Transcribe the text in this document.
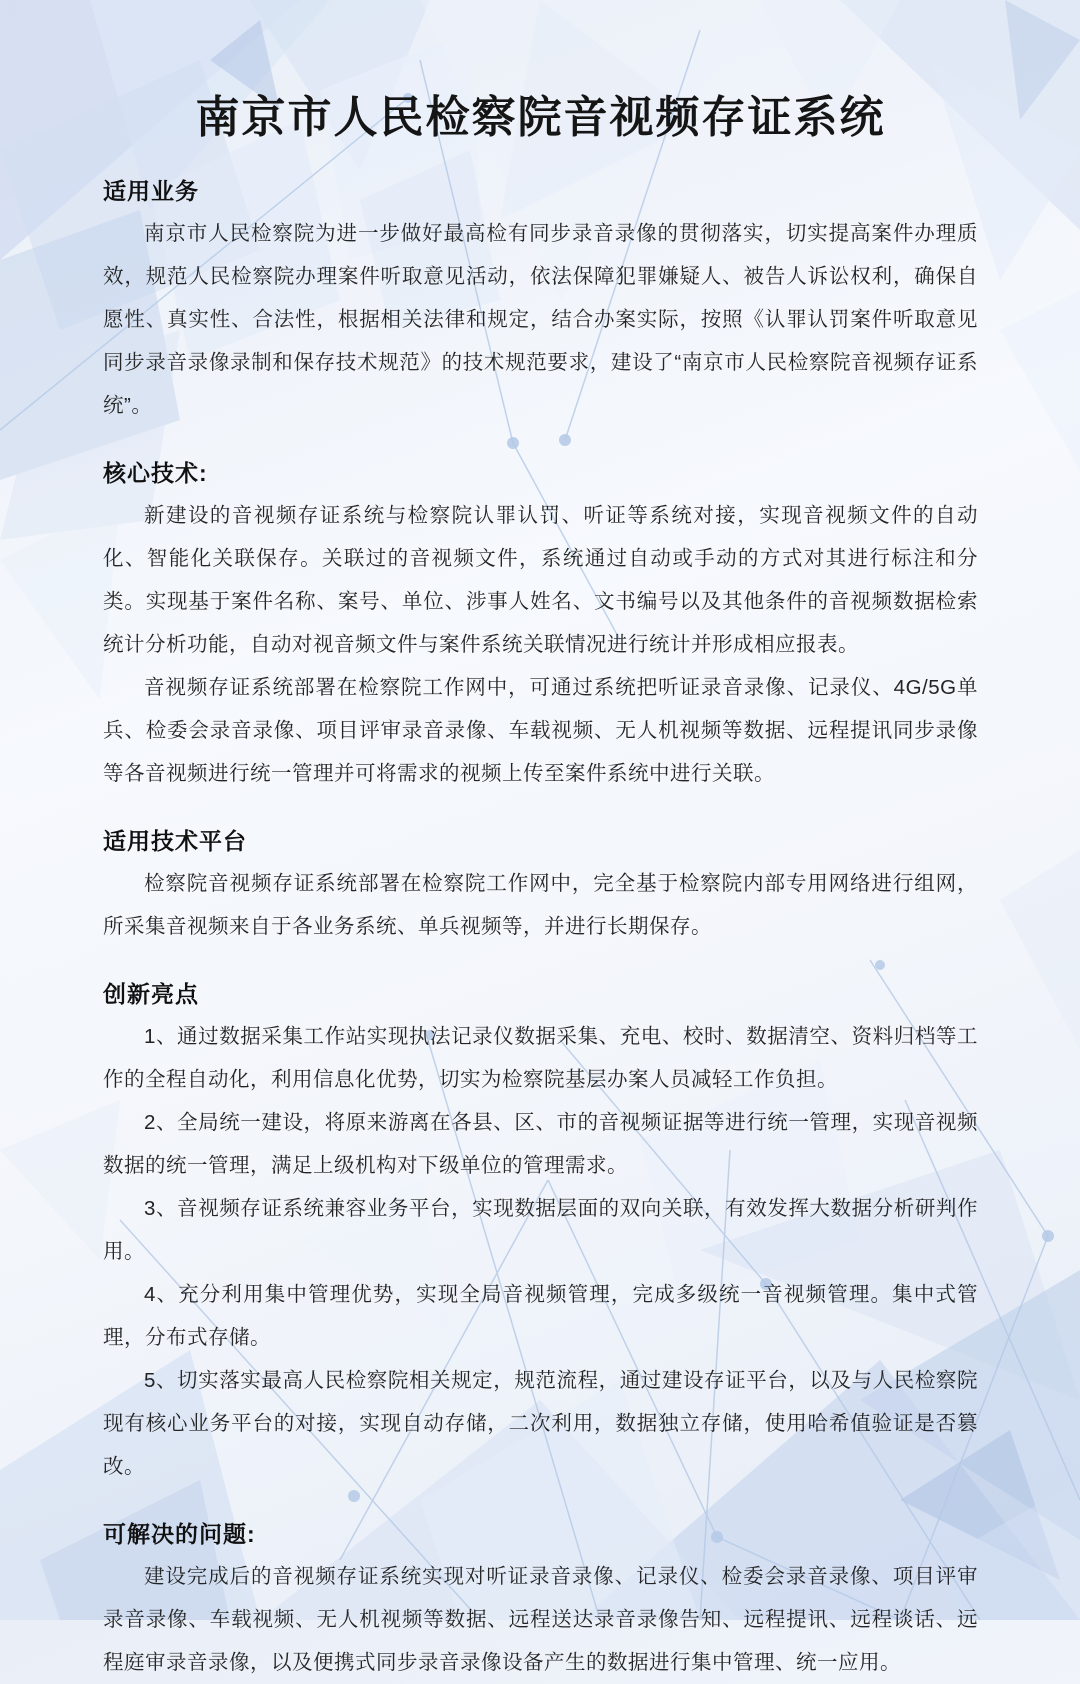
南京市人民检察院音视频存证系统
适用业务

南京市人民检察院为进一步做好最高检有同步录音录像的贯彻落实，切实提高案件办理质效，规范人民检察院办理案件听取意见活动，依法保障犯罪嫌疑人、被告人诉讼权利，确保自愿性、真实性、合法性，根据相关法律和规定，结合办案实际，按照《认罪认罚案件听取意见同步录音录像录制和保存技术规范》的技术规范要求，建设了“南京市人民检察院音视频存证系统”。

核心技术:

新建设的音视频存证系统与检察院认罪认罚、听证等系统对接，实现音视频文件的自动化、智能化关联保存。关联过的音视频文件，系统通过自动或手动的方式对其进行标注和分类。实现基于案件名称、案号、单位、涉事人姓名、文书编号以及其他条件的音视频数据检索统计分析功能，自动对视音频文件与案件系统关联情况进行统计并形成相应报表。

音视频存证系统部署在检察院工作网中，可通过系统把听证录音录像、记录仪、4G/5G单兵、检委会录音录像、项目评审录音录像、车载视频、无人机视频等数据、远程提讯同步录像等各音视频进行统一管理并可将需求的视频上传至案件系统中进行关联。

适用技术平台

检察院音视频存证系统部署在检察院工作网中，完全基于检察院内部专用网络进行组网，所采集音视频来自于各业务系统、单兵视频等，并进行长期保存。

创新亮点

1、通过数据采集工作站实现执法记录仪数据采集、充电、校时、数据清空、资料归档等工作的全程自动化，利用信息化优势，切实为检察院基层办案人员减轻工作负担。

2、全局统一建设，将原来游离在各县、区、市的音视频证据等进行统一管理，实现音视频数据的统一管理，满足上级机构对下级单位的管理需求。

3、音视频存证系统兼容业务平台，实现数据层面的双向关联，有效发挥大数据分析研判作用。

4、充分利用集中管理优势，实现全局音视频管理，完成多级统一音视频管理。集中式管理，分布式存储。

5、切实落实最高人民检察院相关规定，规范流程，通过建设存证平台，以及与人民检察院现有核心业务平台的对接，实现自动存储，二次利用，数据独立存储，使用哈希值验证是否篡改。

可解决的问题:

建设完成后的音视频存证系统实现对听证录音录像、记录仪、检委会录音录像、项目评审录音录像、车载视频、无人机视频等数据、远程送达录音录像告知、远程提讯、远程谈话、远程庭审录音录像，以及便携式同步录音录像设备产生的数据进行集中管理、统一应用。
